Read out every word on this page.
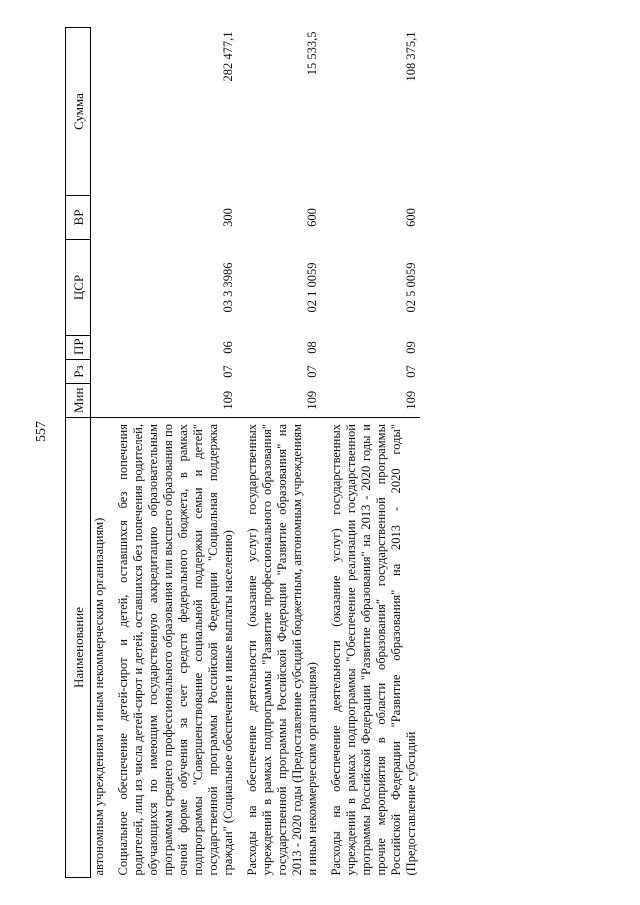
557
Наименование	Мин	Рз	ПР	ЦСР	ВР	Сумма
автономным учреждениям и иным некоммерческим организациям)						
Социальное обеспечение детей-сирот и детей, оставшихся без попечения родителей, лиц из числа детей-сирот и детей, оставшихся без попечения родителей, обучающихся по имеющим государственную аккредитацию образовательным программам среднего профессионального образования или высшего образования по очной форме обучения за счет средств федерального бюджета, в рамках подпрограммы "Совершенствование социальной поддержки семьи и детей" государственной программы Российской Федерации "Социальная поддержка граждан" (Социальное обеспечение и иные выплаты населению)	109	07	06	03 3 3986	300	282 477,1
Расходы на обеспечение деятельности (оказание услуг) государственных учреждений в рамках подпрограммы "Развитие профессионального образования" государственной программы Российской Федерации "Развитие образования" на 2013 - 2020 годы (Предоставление субсидий бюджетным, автономным учреждениям и иным некоммерческим организациям)	109	07	08	02 1 0059	600	15 533,5
Расходы на обеспечение деятельности (оказание услуг) государственных учреждений в рамках подпрограммы "Обеспечение реализации государственной программы Российской Федерации "Развитие образования" на 2013 - 2020 годы и прочие мероприятия в области образования" государственной программы Российской Федерации "Развитие образования" на 2013 - 2020 годы" (Предоставление субсидий	109	07	09	02 5 0059	600	108 375,1
